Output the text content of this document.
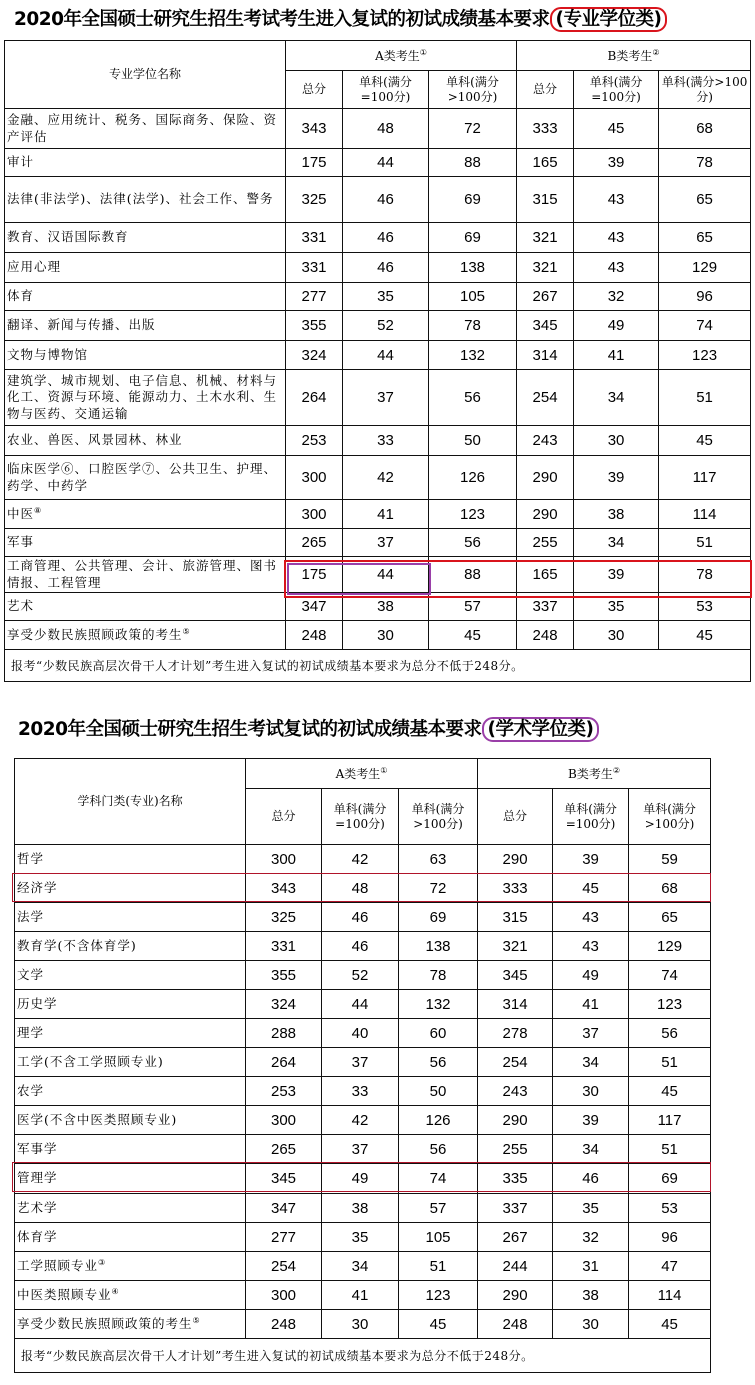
2020年全国硕士研究生招生考试考生进入复试的初试成绩基本要求 (专业学位类)
专业学位名称	A类考生①			B类考生②
	总分	单科(满分=100分)	单科(满分>100分)	总分	单科(满分=100分)	单科(满分>100分)
金融、应用统计、税务、国际商务、保险、资产评估	343	48	72	333	45	68
审计	175	44	88	165	39	78
法律(非法学)、法律(法学)、社会工作、警务	325	46	69	315	43	65
教育、汉语国际教育	331	46	69	321	43	65
应用心理	331	46	138	321	43	129
体育	277	35	105	267	32	96
翻译、新闻与传播、出版	355	52	78	345	49	74
文物与博物馆	324	44	132	314	41	123
建筑学、城市规划、电子信息、机械、材料与化工、资源与环境、能源动力、土木水利、生物与医药、交通运输	264	37	56	254	34	51
农业、兽医、风景园林、林业	253	33	50	243	30	45
临床医学⑥、口腔医学⑦、公共卫生、护理、药学、中药学	300	42	126	290	39	117
中医⑧	300	41	123	290	38	114
军事	265	37	56	255	34	51
工商管理、公共管理、会计、旅游管理、图书情报、工程管理	175	44	88	165	39	78
艺术	347	38	57	337	35	53
享受少数民族照顾政策的考生⑤	248	30	45	248	30	45
报考“少数民族高层次骨干人才计划”考生进入复试的初试成绩基本要求为总分不低于248分。						
2020年全国硕士研究生招生考试复试的初试成绩基本要求 (学术学位类)
学科门类(专业)名称	A类考生①			B类考生②
	总分	单科(满分=100分)	单科(满分>100分)	总分	单科(满分=100分)	单科(满分>100分)
哲学	300	42	63	290	39	59
经济学	343	48	72	333	45	68
法学	325	46	69	315	43	65
教育学(不含体育学)	331	46	138	321	43	129
文学	355	52	78	345	49	74
历史学	324	44	132	314	41	123
理学	288	40	60	278	37	56
工学(不含工学照顾专业)	264	37	56	254	34	51
农学	253	33	50	243	30	45
医学(不含中医类照顾专业)	300	42	126	290	39	117
军事学	265	37	56	255	34	51
管理学	345	49	74	335	46	69
艺术学	347	38	57	337	35	53
体育学	277	35	105	267	32	96
工学照顾专业③	254	34	51	244	31	47
中医类照顾专业④	300	41	123	290	38	114
享受少数民族照顾政策的考生⑤	248	30	45	248	30	45
报考“少数民族高层次骨干人才计划”考生进入复试的初试成绩基本要求为总分不低于248分。						
